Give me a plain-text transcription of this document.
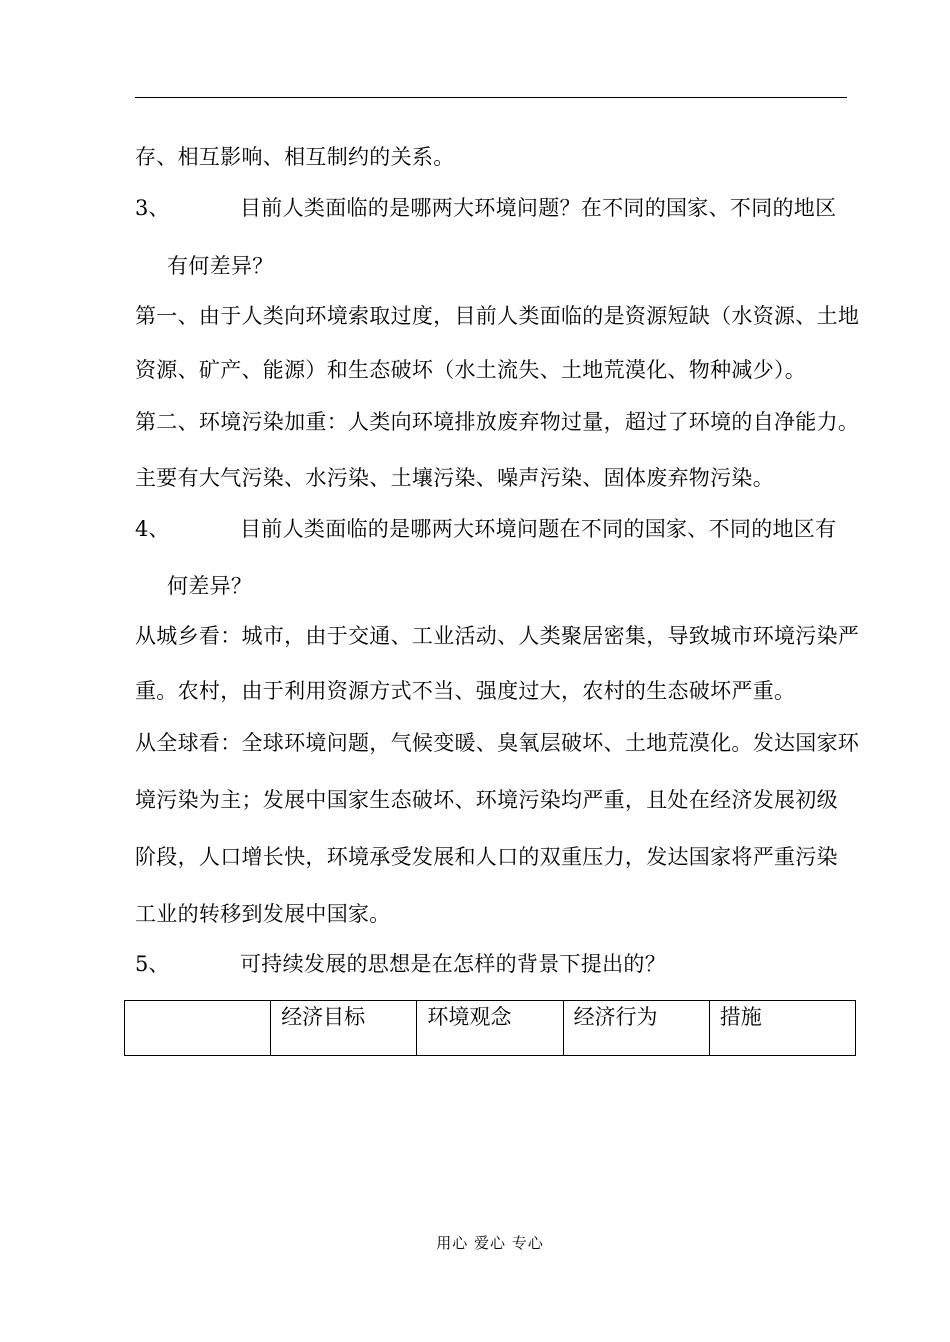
存、相互影响、相互制约的关系。
3、	目前人类面临的是哪两大环境问题？在不同的国家、不同的地区
有何差异？
第一、由于人类向环境索取过度，目前人类面临的是资源短缺（水资源、土地
资源、矿产、能源）和生态破坏（水土流失、土地荒漠化、物种减少）。
第二、环境污染加重：人类向环境排放废弃物过量，超过了环境的自净能力。
主要有大气污染、水污染、土壤污染、噪声污染、固体废弃物污染。
4、	目前人类面临的是哪两大环境问题在不同的国家、不同的地区有
何差异？
从城乡看：城市，由于交通、工业活动、人类聚居密集，导致城市环境污染严
重。农村，由于利用资源方式不当、强度过大，农村的生态破坏严重。
从全球看：全球环境问题，气候变暖、臭氧层破坏、土地荒漠化。发达国家环
境污染为主；发展中国家生态破坏、环境污染均严重，且处在经济发展初级
阶段，人口增长快，环境承受发展和人口的双重压力，发达国家将严重污染
工业的转移到发展中国家。
5、	可持续发展的思想是在怎样的背景下提出的？
	经济目标	环境观念	经济行为	措施
用心 爱心 专心
